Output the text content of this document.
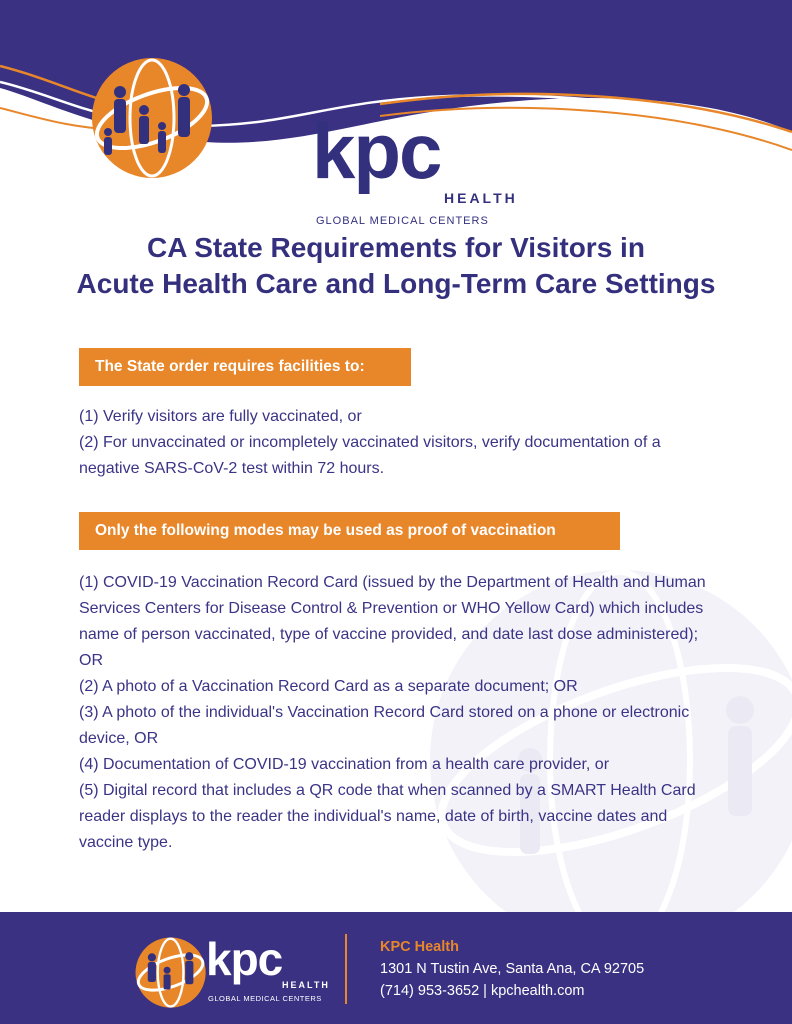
kpc
HEALTH
GLOBAL MEDICAL CENTERS
CA State Requirements for Visitors in
Acute Health Care and Long-Term Care Settings
The State order requires facilities to:

(1) Verify visitors are fully vaccinated, or

(2) For unvaccinated or incompletely vaccinated visitors, verify documentation of a negative SARS-CoV-2 test within 72 hours.

Only the following modes may be used as proof of vaccination

(1) COVID-19 Vaccination Record Card (issued by the Department of Health and Human Services Centers for Disease Control & Prevention or WHO Yellow Card) which includes name of person vaccinated, type of vaccine provided, and date last dose administered); OR

(2) A photo of a Vaccination Record Card as a separate document; OR

(3) A photo of the individual's Vaccination Record Card stored on a phone or electronic device, OR

(4) Documentation of COVID-19 vaccination from a health care provider, or

(5) Digital record that includes a QR code that when scanned by a SMART Health Card reader displays to the reader the individual's name, date of birth, vaccine dates and vaccine type.

kpc HEALTH
GLOBAL MEDICAL CENTERS
KPC Health
1301 N Tustin Ave, Santa Ana, CA 92705
(714) 953-3652 | kpchealth.com
